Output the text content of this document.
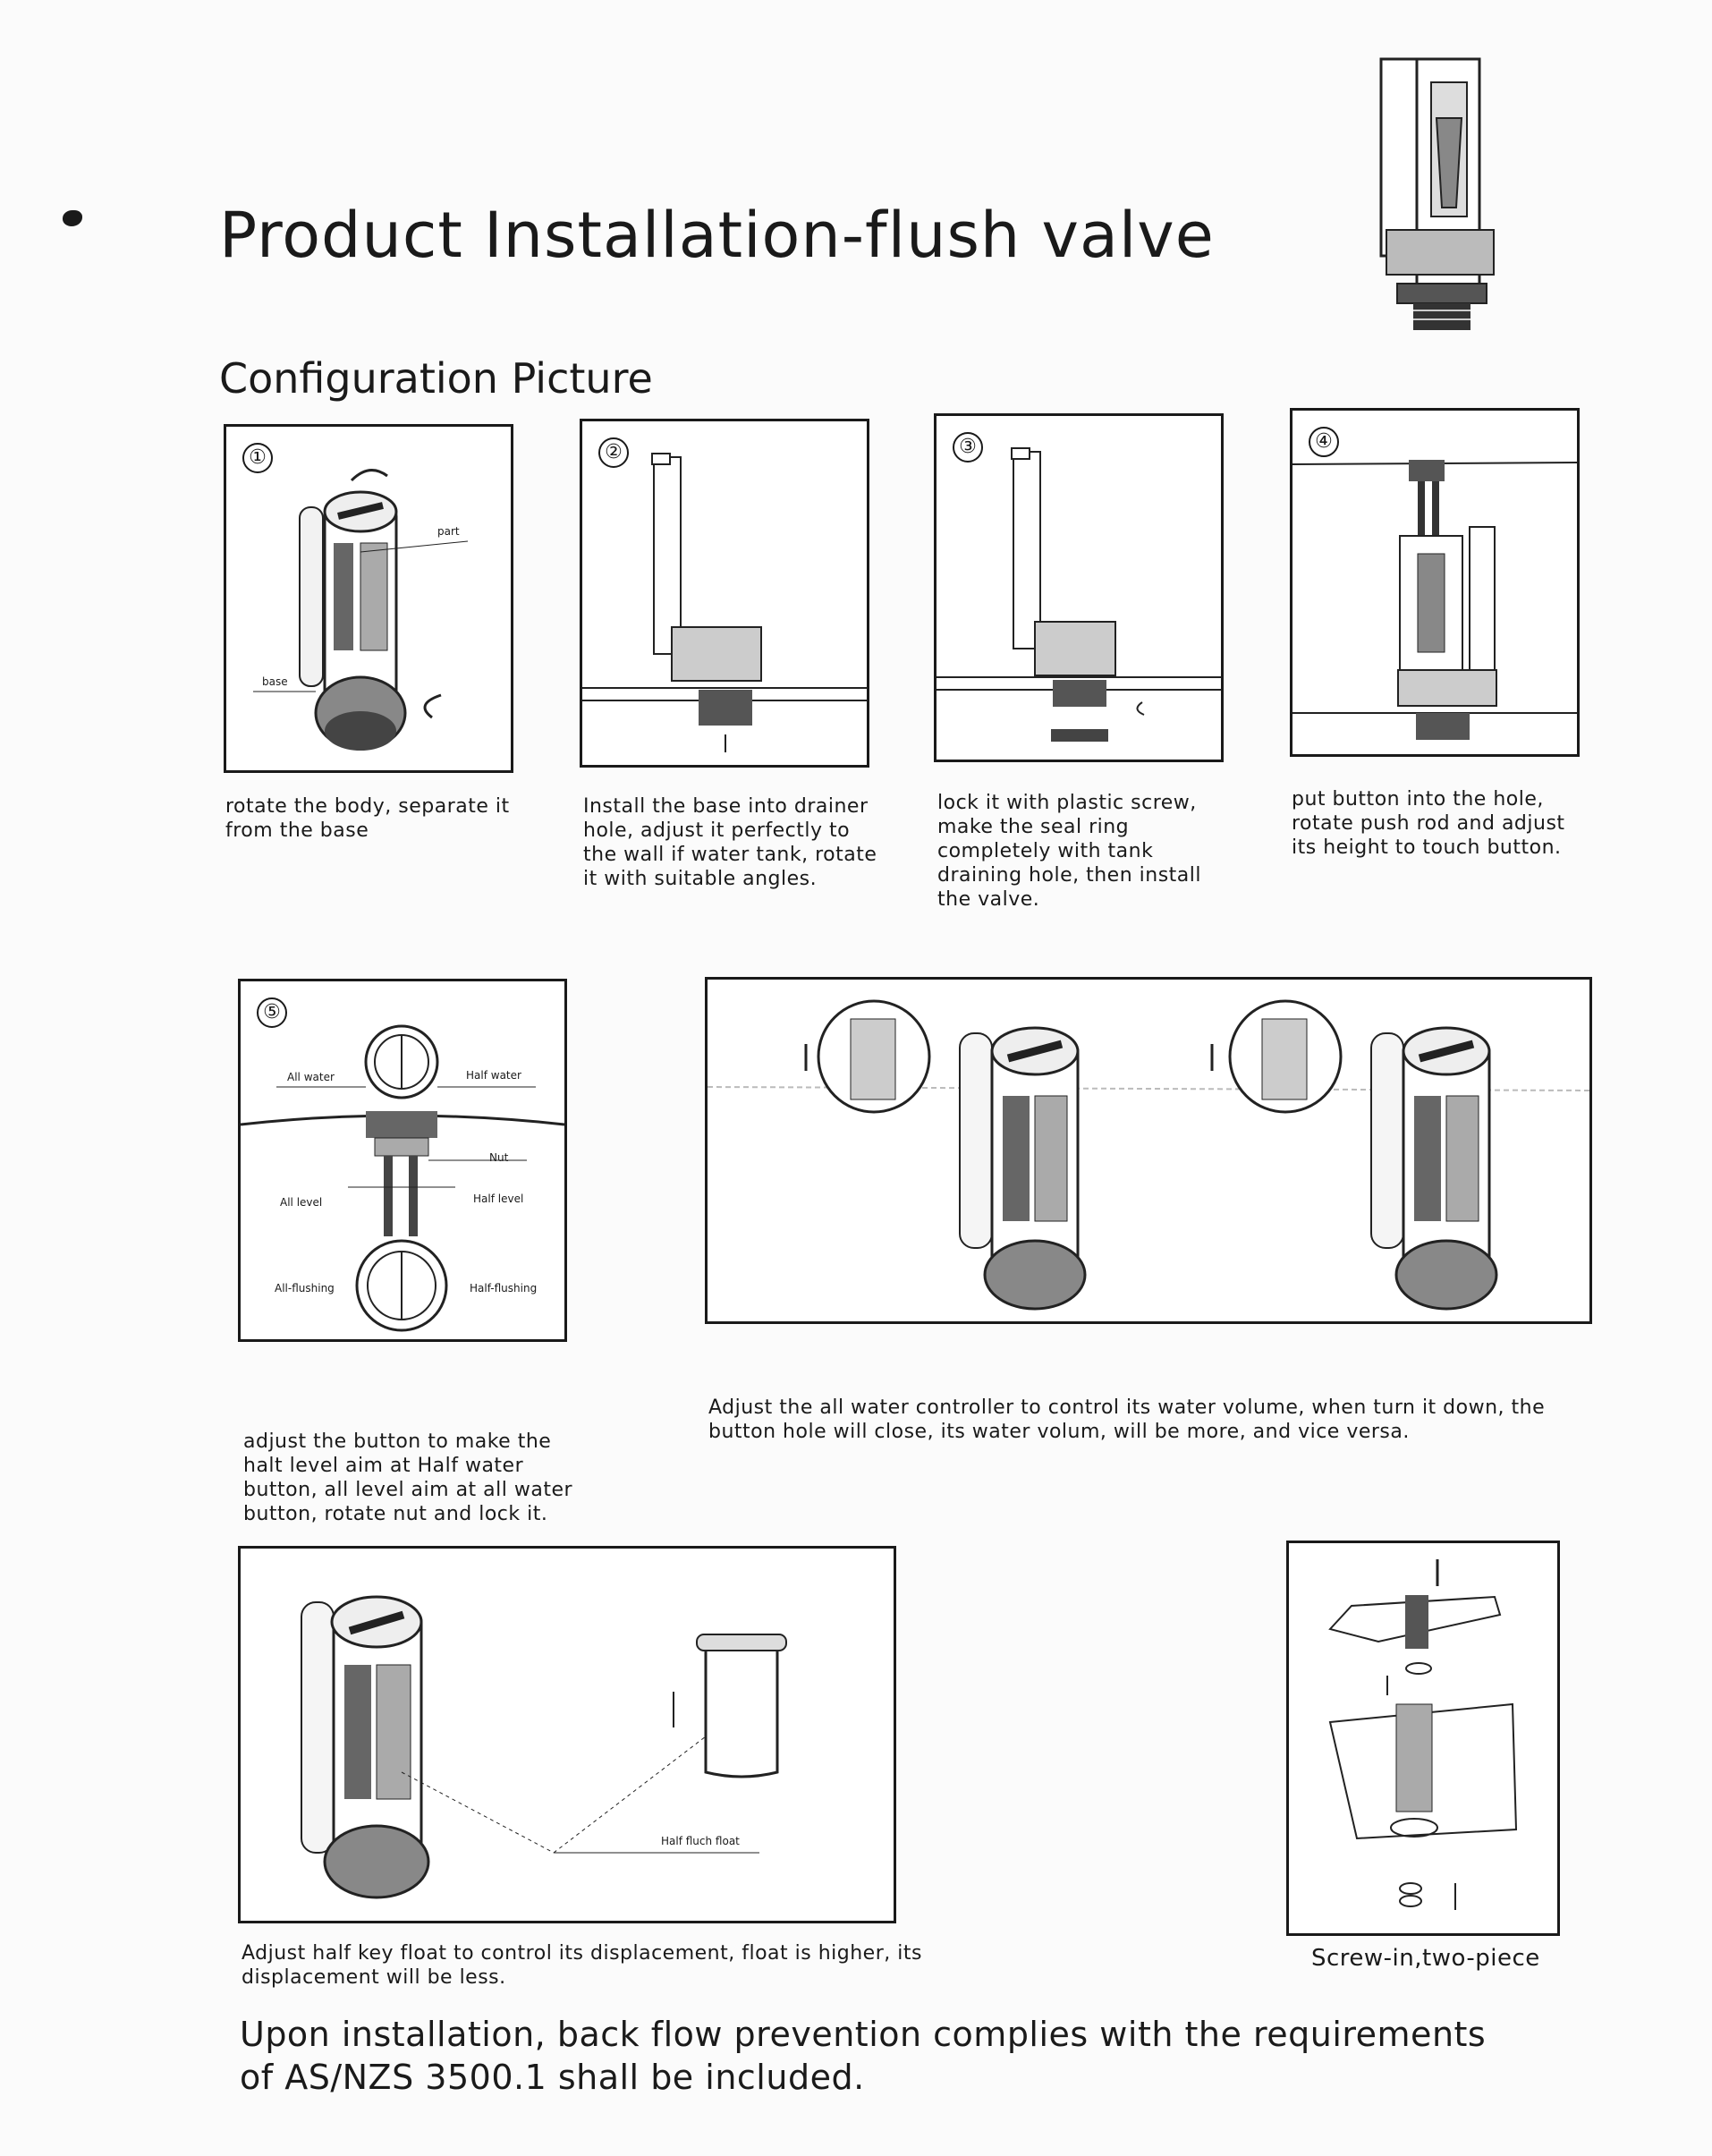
Product Installation-flush valve
Configuration Picture
①
part
base
rotate the body, separate it from the base
②
Install the base into drainer hole, adjust it perfectly to the wall if water tank, rotate it with suitable angles.
③
lock it with plastic screw, make the seal ring completely with tank draining hole, then install the valve.
④
put button into the hole, rotate push rod and adjust its height to touch button.
⑤
All water	Half water
Nut
All level	Half level
All-flushing	Half-flushing
adjust the button to make the halt level aim at Half water button, all level aim at all water button, rotate nut and lock it.
Adjust the all water controller to control its water volume, when turn it down, the button hole will close, its water volum, will be more, and vice versa.
Half fluch float
Adjust half key float to control its displacement, float is higher, its displacement will be less.
Screw-in,two-piece
Upon installation, back flow prevention complies with the requirements of AS/NZS 3500.1 shall be included.
